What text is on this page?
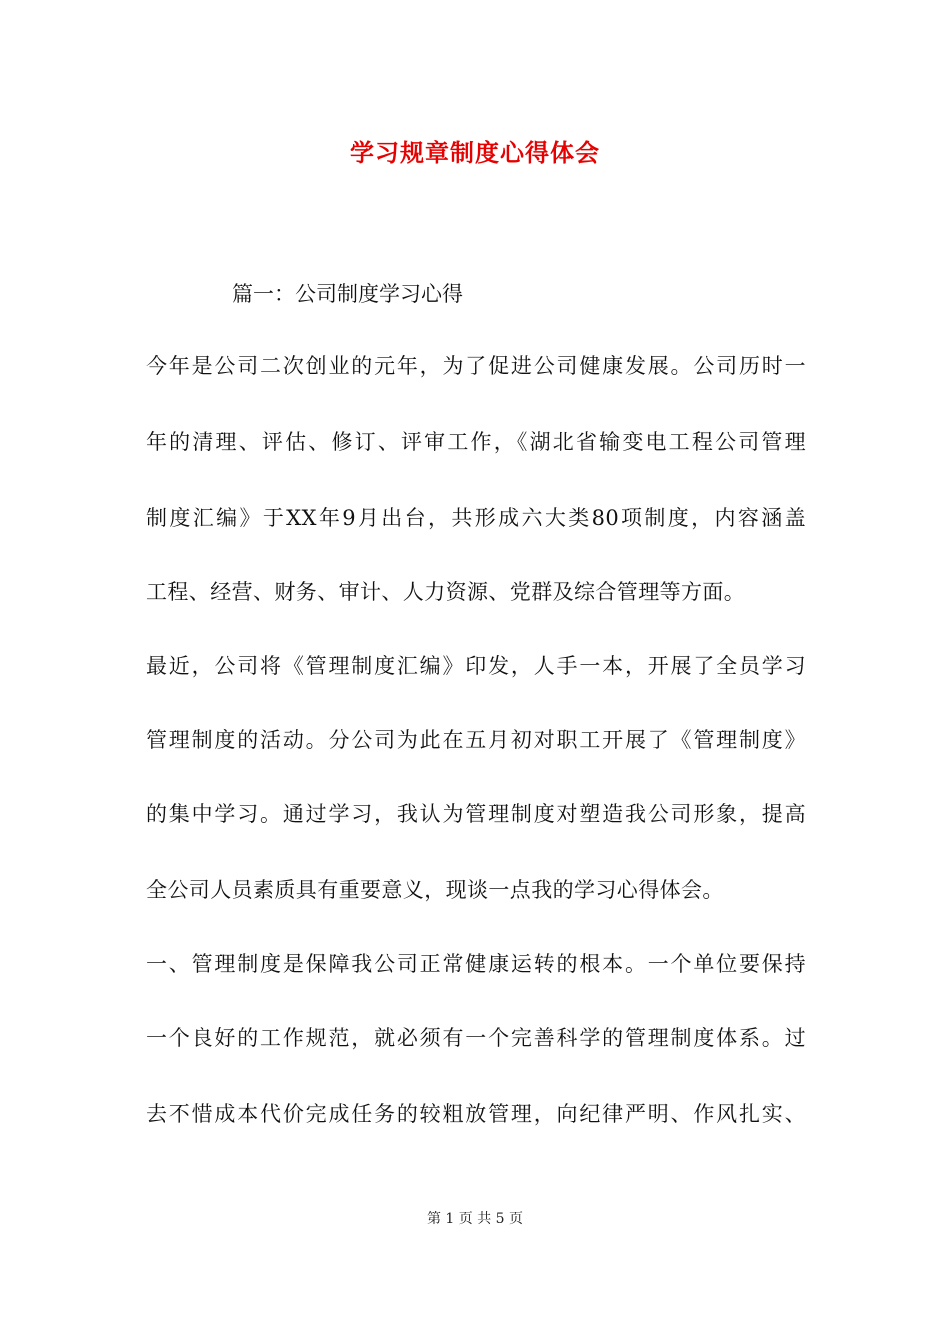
学习规章制度心得体会
篇一：公司制度学习心得
今年是公司二次创业的元年，为了促进公司健康发展。公司历时一
年的清理、评估、修订、评审工作，《湖北省输变电工程公司管理
制度汇编》于XX年9月出台，共形成六大类80项制度，内容涵盖
工程、经营、财务、审计、人力资源、党群及综合管理等方面。
最近，公司将《管理制度汇编》印发，人手一本，开展了全员学习
管理制度的活动。分公司为此在五月初对职工开展了《管理制度》
的集中学习。通过学习，我认为管理制度对塑造我公司形象，提高
全公司人员素质具有重要意义，现谈一点我的学习心得体会。
一、管理制度是保障我公司正常健康运转的根本。一个单位要保持
一个良好的工作规范，就必须有一个完善科学的管理制度体系。过
去不惜成本代价完成任务的较粗放管理，向纪律严明、作风扎实、
第 1 页 共 5 页
